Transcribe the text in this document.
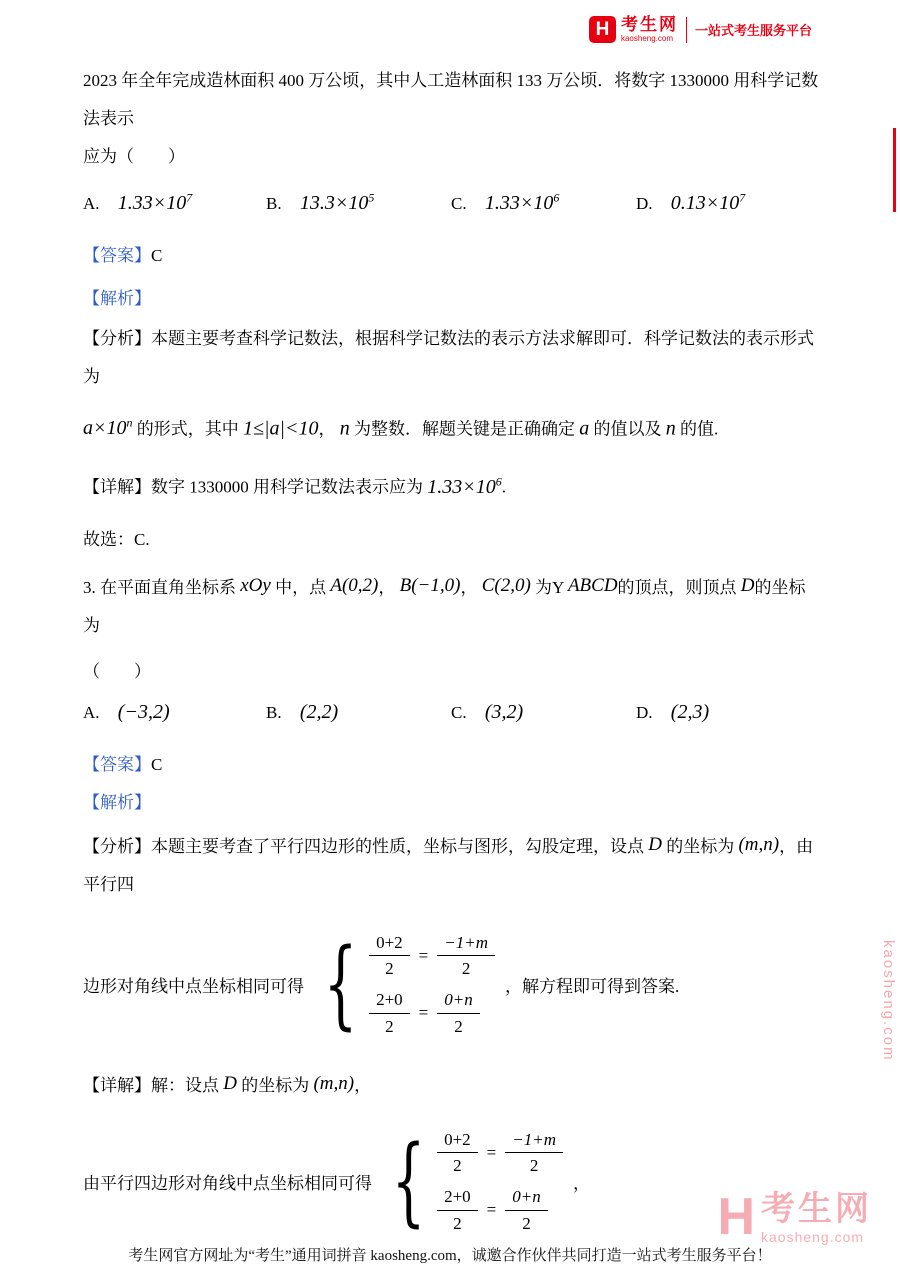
H 考生网
kaosheng.com
一站式考生服务平台
2023 年全年完成造林面积 400 万公顷，其中人工造林面积 133 万公顷．将数字 1330000 用科学记数法表示
应为（　　）
A. $1.33\times 10^7$	B. $13.3\times 10^5$	C. $1.33\times 10^6$	D. $0.13\times 10^7$
【答案】C
【解析】
【分析】本题主要考查科学记数法，根据科学记数法的表示方法求解即可．科学记数法的表示形式为
$a\times 10^n$ 的形式，其中 1≤|a|<10， n 为整数．解题关键是正确确定 a 的值以及 n 的值.
【详解】数字 1330000 用科学记数法表示应为 $1.33\times 10^6$.
故选：C.
3. 在平面直角坐标系 xOy 中，点 A(0,2)， B(−1,0)， C(2,0) 为Y ABCD的顶点，则顶点 D的坐标为
（　　）
A. (−3,2)	B. (2,2)	C. (3,2)	D. (2,3)
【答案】C
【解析】
【分析】本题主要考查了平行四边形的性质，坐标与图形，勾股定理，设点 D 的坐标为 (m,n)，由平行四
边形对角线中点坐标相同可得 { $\frac{0+2}{2} = \frac{-1+m}{2}$
$\frac{2+0}{2} = \frac{0+n}{2}$
，解方程即可得到答案.
【详解】解：设点 D 的坐标为 (m,n)，
由平行四边形对角线中点坐标相同可得 { $\frac{0+2}{2} = \frac{-1+m}{2}$
$\frac{2+0}{2} = \frac{0+n}{2}$
，
H 考生网
kaosheng.com
kaosheng.com
考生网官方网址为“考生”通用词拼音 kaosheng.com，诚邀合作伙伴共同打造一站式考生服务平台！
